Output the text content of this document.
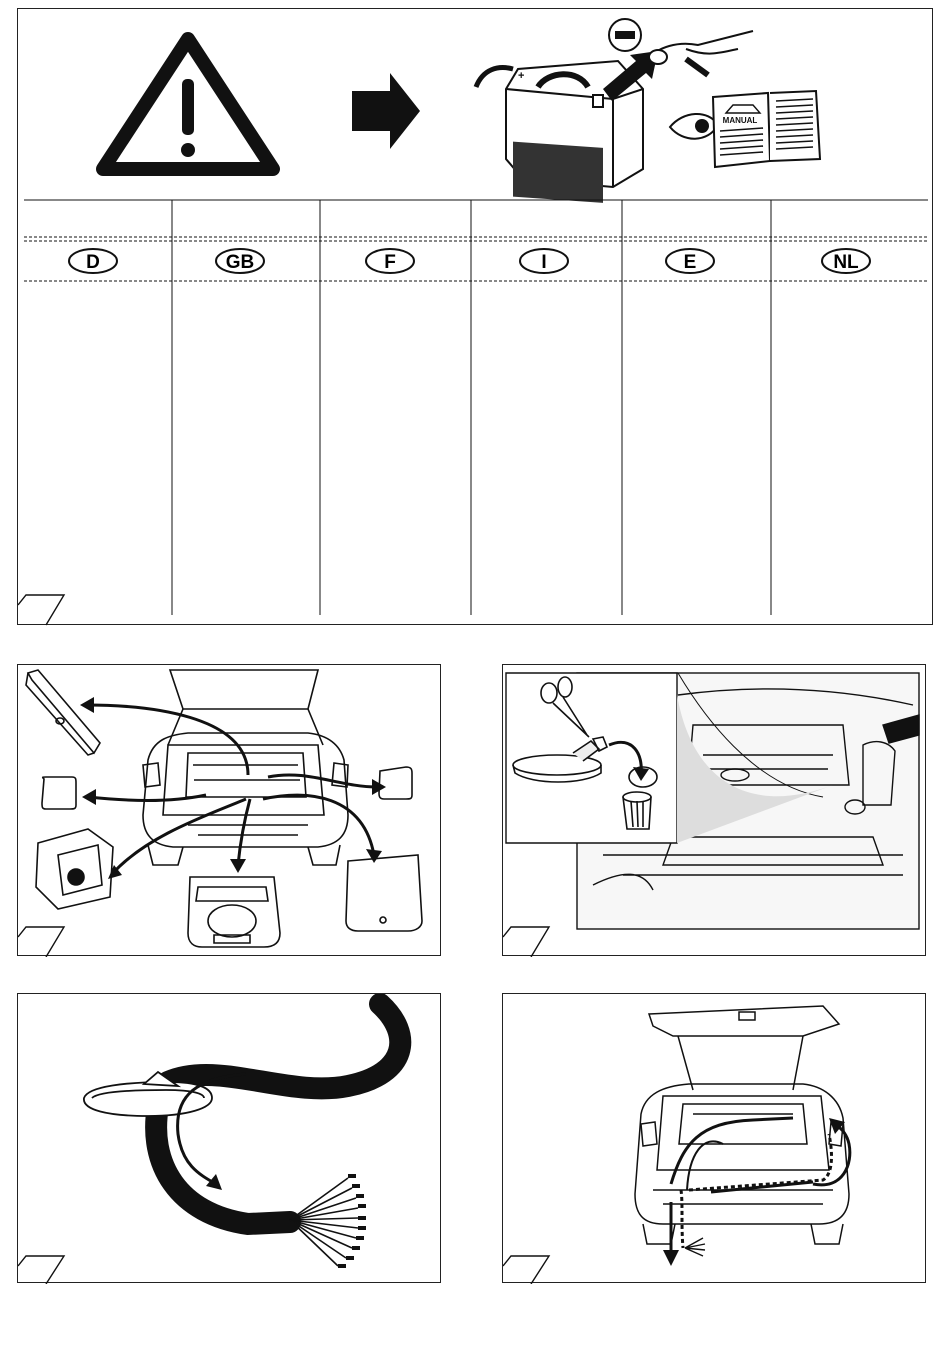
+
MANUAL
D	GB	F	I	E	NL
